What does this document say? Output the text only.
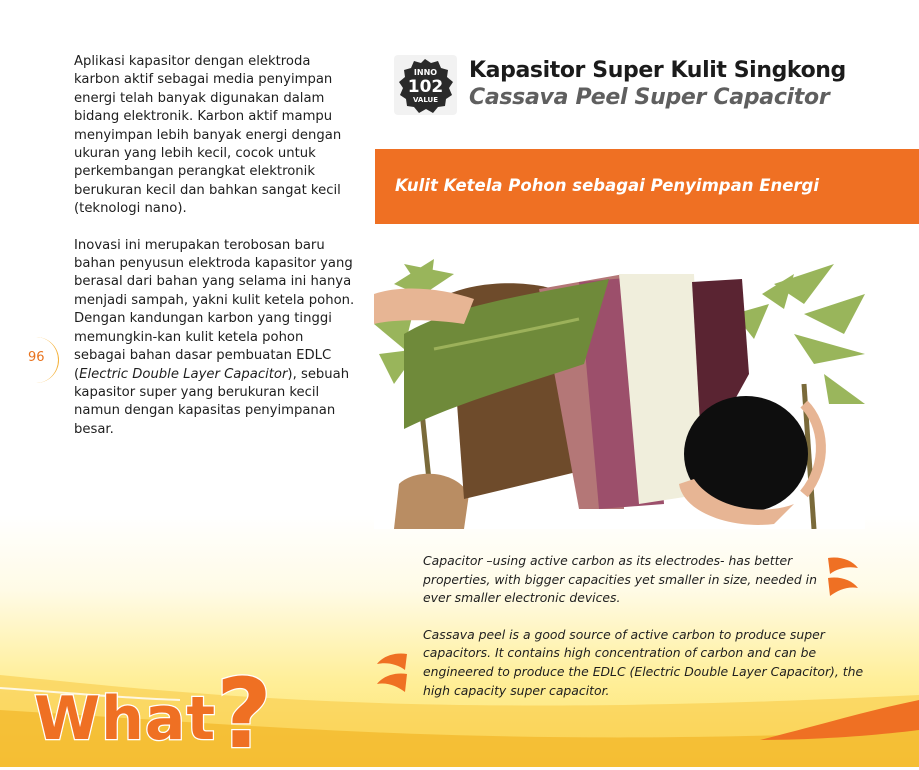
96

Aplikasi kapasitor dengan elektroda karbon aktif sebagai media penyimpan energi telah banyak digunakan dalam bidang elektronik. Karbon aktif mampu menyimpan lebih banyak energi dengan ukuran yang lebih kecil, cocok untuk perkembangan perangkat elektronik berukuran kecil dan bahkan sangat kecil (teknologi nano).

Inovasi ini merupakan terobosan baru bahan penyusun elektroda kapasitor yang berasal dari bahan yang selama ini hanya menjadi sampah, yakni kulit ketela pohon. Dengan kandungan karbon yang tinggi memungkin-kan kulit ketela pohon sebagai bahan dasar pembuatan EDLC (Electric Double Layer Capacitor), sebuah kapasitor super yang berukuran kecil namun dengan kapasitas penyimpanan besar.

INNO
102
VALUE
Kapasitor Super Kulit Singkong
Cassava Peel Super Capacitor
Kulit Ketela Pohon sebagai Penyimpan Energi

Capacitor –using active carbon as its electrodes- has better properties, with bigger capacities yet smaller in size, needed in ever smaller electronic devices.

Cassava peel is a good source of active carbon to produce super capacitors. It contains high concentration of carbon and can be engineered to produce the EDLC (Electric Double Layer Capacitor), the high capacity super capacitor.

What?
